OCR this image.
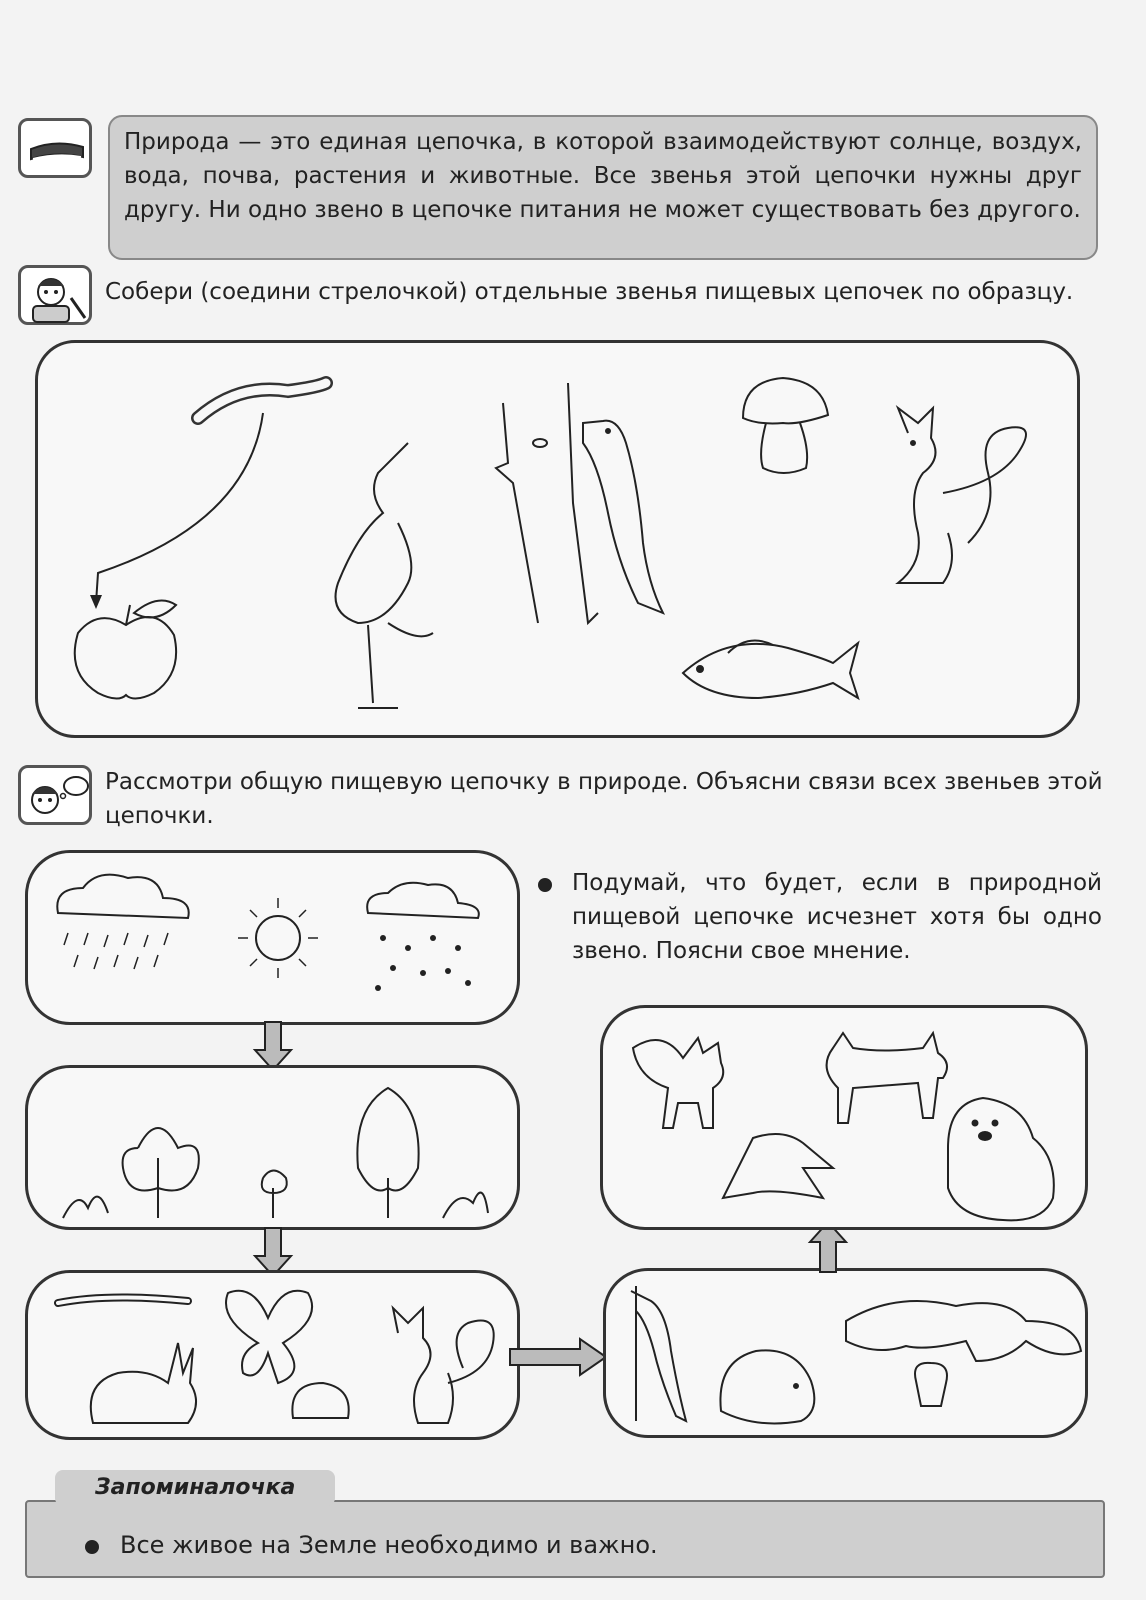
Природа — это единая цепочка, в которой взаимодействуют солнце, воздух, вода, почва, растения и животные. Все звенья этой цепочки нужны друг другу. Ни одно звено в цепочке питания не может существовать без другого.
Собери (соедини стрелочкой) отдельные звенья пищевых цепочек по образцу.
Рассмотри общую пищевую цепочку в природе. Объясни связи всех звеньев этой цепочки.
Подумай, что будет, если в природной пищевой цепочке исчезнет хотя бы одно звено. Поясни свое мнение.
Запоминалочка
Все живое на Земле необходимо и важно.
